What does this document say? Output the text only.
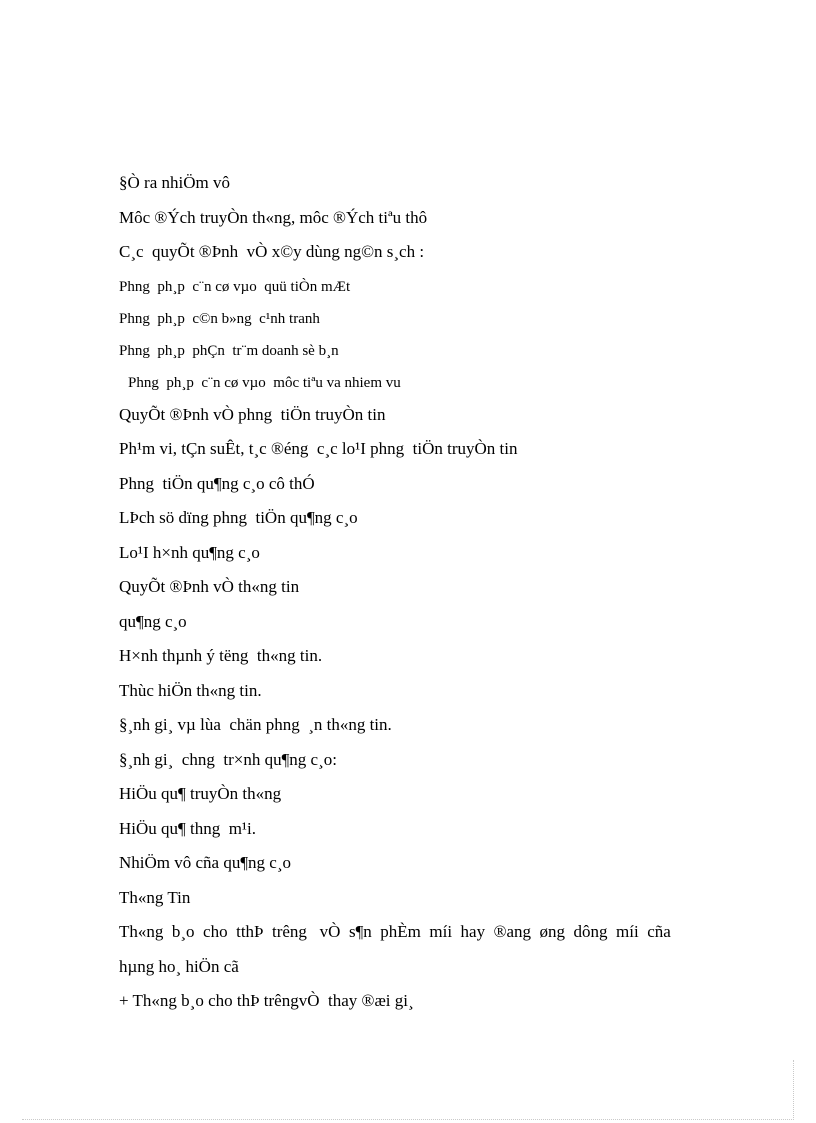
§Ò ra nhiÖm vô
Môc ®Ých truyÒn th«ng, môc ®Ých tiªu thô
C¸c  quyÕt ®Þnh  vÒ x©y dùng ng©n s¸ch :
Phng  ph¸p  c¨n cø vµo  quü tiÒn mÆt
Phng  ph¸p  c©n b»ng  c¹nh tranh
Phng  ph¸p  phÇn  tr¨m doanh sè b¸n
Phng  ph¸p  c¨n cø vµo  môc tiªu va nhiem vu
QuyÕt ®Þnh vÒ phng  tiÖn truyÒn tin
Ph¹m vi, tÇn suÊt, t¸c ®éng  c¸c lo¹I phng  tiÖn truyÒn tin
Phng  tiÖn qu¶ng c¸o cô thÓ
LÞch sö dïng phng  tiÖn qu¶ng c¸o
Lo¹I h×nh qu¶ng c¸o
QuyÕt ®Þnh vÒ th«ng tin
qu¶ng c¸o
H×nh thµnh ý tëng  th«ng tin.
Thùc hiÖn th«ng tin.
§¸nh gi¸ vµ lùa  chän phng  ¸n th«ng tin.
§¸nh gi¸  chng  tr×nh qu¶ng c¸o:
HiÖu qu¶ truyÒn th«ng
HiÖu qu¶ thng  m¹i.
NhiÖm vô cña qu¶ng c¸o
Th«ng Tin
Th«ng  b¸o  cho  tthÞ  trêng   vÒ  s¶n  phÈm  míi  hay  ®ang  øng  dông  míi  cña
hµng ho¸ hiÖn cã
+ Th«ng b¸o cho thÞ trêngvÒ  thay ®æi gi¸
